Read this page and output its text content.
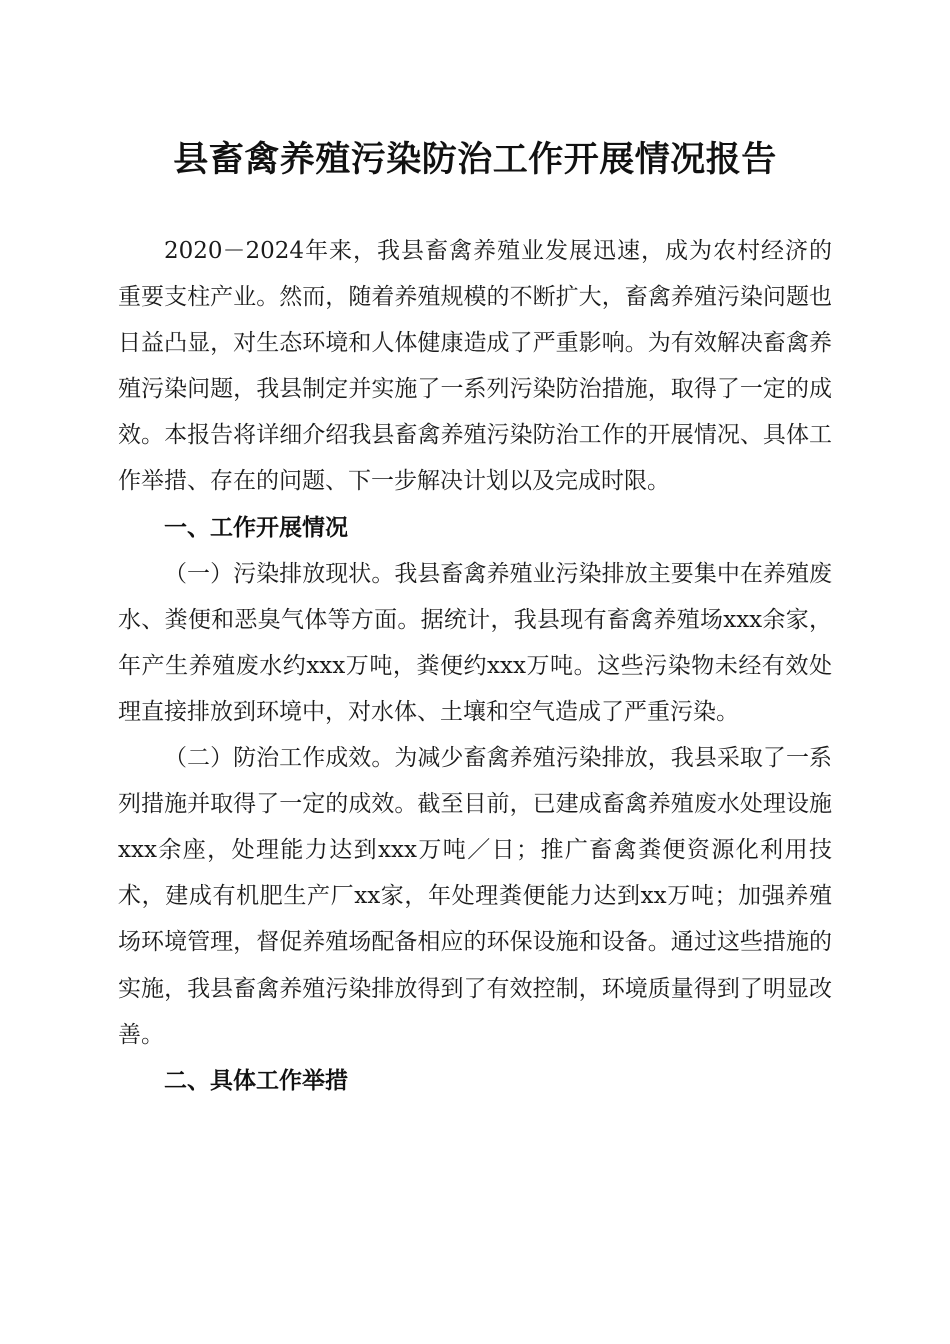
县畜禽养殖污染防治工作开展情况报告

2020－2024年来，我县畜禽养殖业发展迅速，成为农村经济的重要支柱产业。然而，随着养殖规模的不断扩大，畜禽养殖污染问题也日益凸显，对生态环境和人体健康造成了严重影响。为有效解决畜禽养殖污染问题，我县制定并实施了一系列污染防治措施，取得了一定的成效。本报告将详细介绍我县畜禽养殖污染防治工作的开展情况、具体工作举措、存在的问题、下一步解决计划以及完成时限。

一、工作开展情况

（一）污染排放现状。我县畜禽养殖业污染排放主要集中在养殖废水、粪便和恶臭气体等方面。据统计，我县现有畜禽养殖场xxx余家，年产生养殖废水约xxx万吨，粪便约xxx万吨。这些污染物未经有效处理直接排放到环境中，对水体、土壤和空气造成了严重污染。

（二）防治工作成效。为减少畜禽养殖污染排放，我县采取了一系列措施并取得了一定的成效。截至目前，已建成畜禽养殖废水处理设施xxx余座，处理能力达到xxx万吨／日；推广畜禽粪便资源化利用技术，建成有机肥生产厂xx家，年处理粪便能力达到xx万吨；加强养殖场环境管理，督促养殖场配备相应的环保设施和设备。通过这些措施的实施，我县畜禽养殖污染排放得到了有效控制，环境质量得到了明显改善。

二、具体工作举措
